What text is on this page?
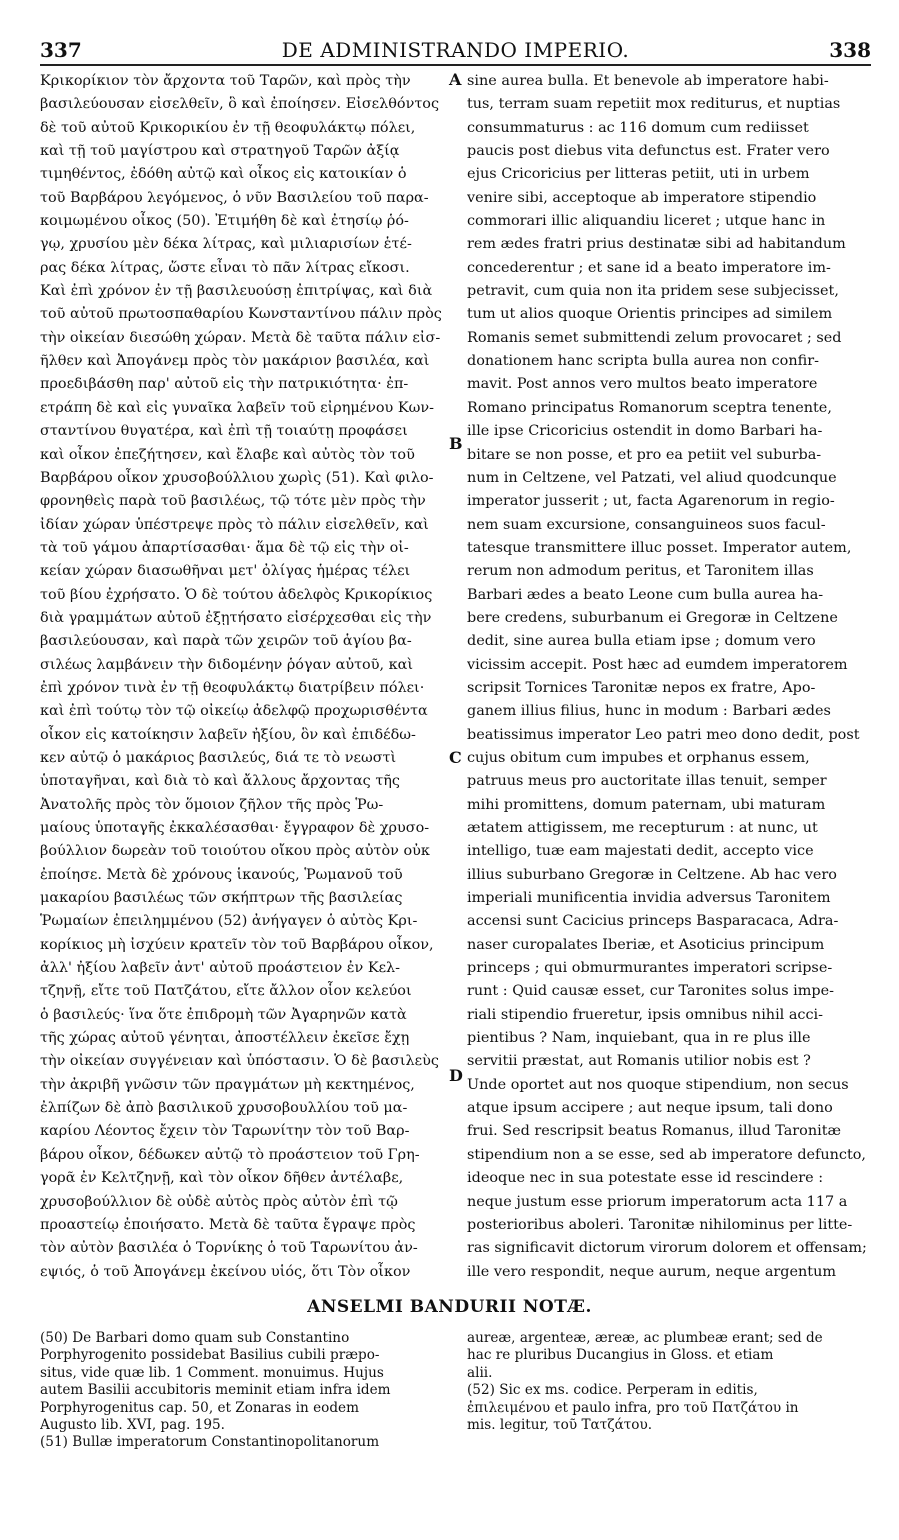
337	DE ADMINISTRANDO IMPERIO.	338
Κρικορίκιον τὸν ἄρχοντα τοῦ Ταρῶν, καὶ πρὸς τὴν
βασιλεύουσαν εἰσελθεῖν, ὃ καὶ ἐποίησεν. Εἰσελθόντος
δὲ τοῦ αὐτοῦ Κρικορικίου ἐν τῇ θεοφυλάκτῳ πόλει,
καὶ τῇ τοῦ μαγίστρου καὶ στρατηγοῦ Ταρῶν ἀξίᾳ
τιμηθέντος, ἐδόθη αὐτῷ καὶ οἶκος εἰς κατοικίαν ὁ
τοῦ Βαρβάρου λεγόμενος, ὁ νῦν Βασιλείου τοῦ παρα-
κοιμωμένου οἶκος (50). Ἐτιμήθη δὲ καὶ ἐτησίῳ ῥό-
γῳ, χρυσίου μὲν δέκα λίτρας, καὶ μιλιαρισίων ἑτέ-
ρας δέκα λίτρας, ὥστε εἶναι τὸ πᾶν λίτρας εἴκοσι.
Καὶ ἐπὶ χρόνον ἐν τῇ βασιλευούσῃ ἐπιτρίψας, καὶ διὰ
τοῦ αὐτοῦ πρωτοσπαθαρίου Κωνσταντίνου πάλιν πρὸς
τὴν οἰκείαν διεσώθη χώραν. Μετὰ δὲ ταῦτα πάλιν εἰσ-
ῆλθεν καὶ Ἀπογάνεμ πρὸς τὸν μακάριον βασιλέα, καὶ
προεδιβάσθη παρ' αὐτοῦ εἰς τὴν πατρικιότητα· ἐπ-
ετράπη δὲ καὶ εἰς γυναῖκα λαβεῖν τοῦ εἰρημένου Κων-
σταντίνου θυγατέρα, καὶ ἐπὶ τῇ τοιαύτῃ προφάσει
καὶ οἶκον ἐπεζήτησεν, καὶ ἔλαβε καὶ αὐτὸς τὸν τοῦ
Βαρβάρου οἶκον χρυσοβούλλιου χωρὶς (51). Καὶ φιλο-
φρονηθεὶς παρὰ τοῦ βασιλέως, τῷ τότε μὲν πρὸς τὴν
ἰδίαν χώραν ὑπέστρεψε πρὸς τὸ πάλιν εἰσελθεῖν, καὶ
τὰ τοῦ γάμου ἀπαρτίσασθαι· ἅμα δὲ τῷ εἰς τὴν οἰ-
κείαν χώραν διασωθῆναι μετ' ὀλίγας ἡμέρας τέλει
τοῦ βίου ἐχρήσατο. Ὁ δὲ τούτου ἀδελφὸς Κρικορίκιος
διὰ γραμμάτων αὐτοῦ ἐξῃτήσατο εἰσέρχεσθαι εἰς τὴν
βασιλεύουσαν, καὶ παρὰ τῶν χειρῶν τοῦ ἁγίου βα-
σιλέως λαμβάνειν τὴν διδομένην ῥόγαν αὐτοῦ, καὶ
ἐπὶ χρόνον τινὰ ἐν τῇ θεοφυλάκτῳ διατρίβειν πόλει·
καὶ ἐπὶ τούτῳ τὸν τῷ οἰκείῳ ἀδελφῷ προχωρισθέντα
οἶκον εἰς κατοίκησιν λαβεῖν ἠξίου, ὃν καὶ ἐπιδέδω-
κεν αὐτῷ ὁ μακάριος βασιλεύς, διά τε τὸ νεωστὶ
ὑποταγῆναι, καὶ διὰ τὸ καὶ ἄλλους ἄρχοντας τῆς
Ἀνατολῆς πρὸς τὸν ὅμοιον ζῆλον τῆς πρὸς Ῥω-
μαίους ὑποταγῆς ἐκκαλέσασθαι· ἔγγραφον δὲ χρυσο-
βούλλιον δωρεὰν τοῦ τοιούτου οἴκου πρὸς αὐτὸν οὐκ
ἐποίησε. Μετὰ δὲ χρόνους ἱκανούς, Ῥωμανοῦ τοῦ
μακαρίου βασιλέως τῶν σκήπτρων τῆς βασιλείας
Ῥωμαίων ἐπειλημμένου (52) ἀνήγαγεν ὁ αὐτὸς Κρι-
κορίκιος μὴ ἰσχύειν κρατεῖν τὸν τοῦ Βαρβάρου οἶκον,
ἀλλ' ἠξίου λαβεῖν ἀντ' αὐτοῦ προάστειον ἐν Κελ-
τζηνῇ, εἴτε τοῦ Πατζάτου, εἴτε ἄλλον οἷον κελεύοι
ὁ βασιλεύς· ἵνα ὅτε ἐπιδρομὴ τῶν Ἀγαρηνῶν κατὰ
τῆς χώρας αὐτοῦ γένηται, ἀποστέλλειν ἐκεῖσε ἔχῃ
τὴν οἰκείαν συγγένειαν καὶ ὑπόστασιν. Ὁ δὲ βασιλεὺς
τὴν ἀκριβῆ γνῶσιν τῶν πραγμάτων μὴ κεκτημένος,
ἐλπίζων δὲ ἀπὸ βασιλικοῦ χρυσοβουλλίου τοῦ μα-
καρίου Λέοντος ἔχειν τὸν Ταρωνίτην τὸν τοῦ Βαρ-
βάρου οἶκον, δέδωκεν αὐτῷ τὸ προάστειον τοῦ Γρη-
γορᾶ ἐν Κελτζηνῇ, καὶ τὸν οἶκον δῆθεν ἀντέλαβε,
χρυσοβούλλιον δὲ οὐδὲ αὐτὸς πρὸς αὐτὸν ἐπὶ τῷ
προαστείῳ ἐποιήσατο. Μετὰ δὲ ταῦτα ἔγραψε πρὸς
τὸν αὐτὸν βασιλέα ὁ Τορνίκης ὁ τοῦ Ταρωνίτου ἀν-
εψιός, ὁ τοῦ Ἀπογάνεμ ἐκείνου υἱός, ὅτι Τὸν οἶκον
sine aurea bulla. Et benevole ab imperatore habi-
tus, terram suam repetiit mox rediturus, et nuptias
consummaturus : ac 116 domum cum rediisset
paucis post diebus vita defunctus est. Frater vero
ejus Cricoricius per litteras petiit, uti in urbem
venire sibi, acceptoque ab imperatore stipendio
commorari illic aliquandiu liceret ; utque hanc in
rem ædes fratri prius destinatæ sibi ad habitandum
concederentur ; et sane id a beato imperatore im-
petravit, cum quia non ita pridem sese subjecisset,
tum ut alios quoque Orientis principes ad similem
Romanis semet submittendi zelum provocaret ; sed
donationem hanc scripta bulla aurea non confir-
mavit. Post annos vero multos beato imperatore
Romano principatus Romanorum sceptra tenente,
ille ipse Cricoricius ostendit in domo Barbari ha-
bitare se non posse, et pro ea petiit vel suburba-
num in Celtzene, vel Patzati, vel aliud quodcunque
imperator jusserit ; ut, facta Agarenorum in regio-
nem suam excursione, consanguineos suos facul-
tatesque transmittere illuc posset. Imperator autem,
rerum non admodum peritus, et Taronitem illas
Barbari ædes a beato Leone cum bulla aurea ha-
bere credens, suburbanum ei Gregoræ in Celtzene
dedit, sine aurea bulla etiam ipse ; domum vero
vicissim accepit. Post hæc ad eumdem imperatorem
scripsit Tornices Taronitæ nepos ex fratre, Apo-
ganem illius filius, hunc in modum : Barbari ædes
beatissimus imperator Leo patri meo dono dedit, post
cujus obitum cum impubes et orphanus essem,
patruus meus pro auctoritate illas tenuit, semper
mihi promittens, domum paternam, ubi maturam
ætatem attigissem, me recepturum : at nunc, ut
intelligo, tuæ eam majestati dedit, accepto vice
illius suburbano Gregoræ in Celtzene. Ab hac vero
imperiali munificentia invidia adversus Taronitem
accensi sunt Cacicius princeps Basparacaca, Adra-
naser curopalates Iberiæ, et Asoticius principum
princeps ; qui obmurmurantes imperatori scripse-
runt : Quid causæ esset, cur Taronites solus impe-
riali stipendio frueretur, ipsis omnibus nihil acci-
pientibus ? Nam, inquiebant, qua in re plus ille
servitii præstat, aut Romanis utilior nobis est ?
Unde oportet aut nos quoque stipendium, non secus
atque ipsum accipere ; aut neque ipsum, tali dono
frui. Sed rescripsit beatus Romanus, illud Taronitæ
stipendium non a se esse, sed ab imperatore defuncto,
ideoque nec in sua potestate esse id rescindere :
neque justum esse priorum imperatorum acta 117 a
posterioribus aboleri. Taronitæ nihilominus per litte-
ras significavit dictorum virorum dolorem et offensam;
ille vero respondit, neque aurum, neque argentum
A
B
C
D
ANSELMI BANDURII NOTÆ.
(50) De Barbari domo quam sub Constantino
Porphyrogenito possidebat Basilius cubili præpo-
situs, vide quæ lib. 1 Comment. monuimus. Hujus
autem Basilii accubitoris meminit etiam infra idem
Porphyrogenitus cap. 50, et Zonaras in eodem
Augusto lib. XVI, pag. 195.
(51) Bullæ imperatorum Constantinopolitanorum
aureæ, argenteæ, æreæ, ac plumbeæ erant; sed de
hac re pluribus Ducangius in Gloss. et etiam
alii.
(52) Sic ex ms. codice. Perperam in editis,
ἐπιλειμένου et paulo infra, pro τοῦ Πατζάτου in
mis. legitur, τοῦ Τατζάτου.
